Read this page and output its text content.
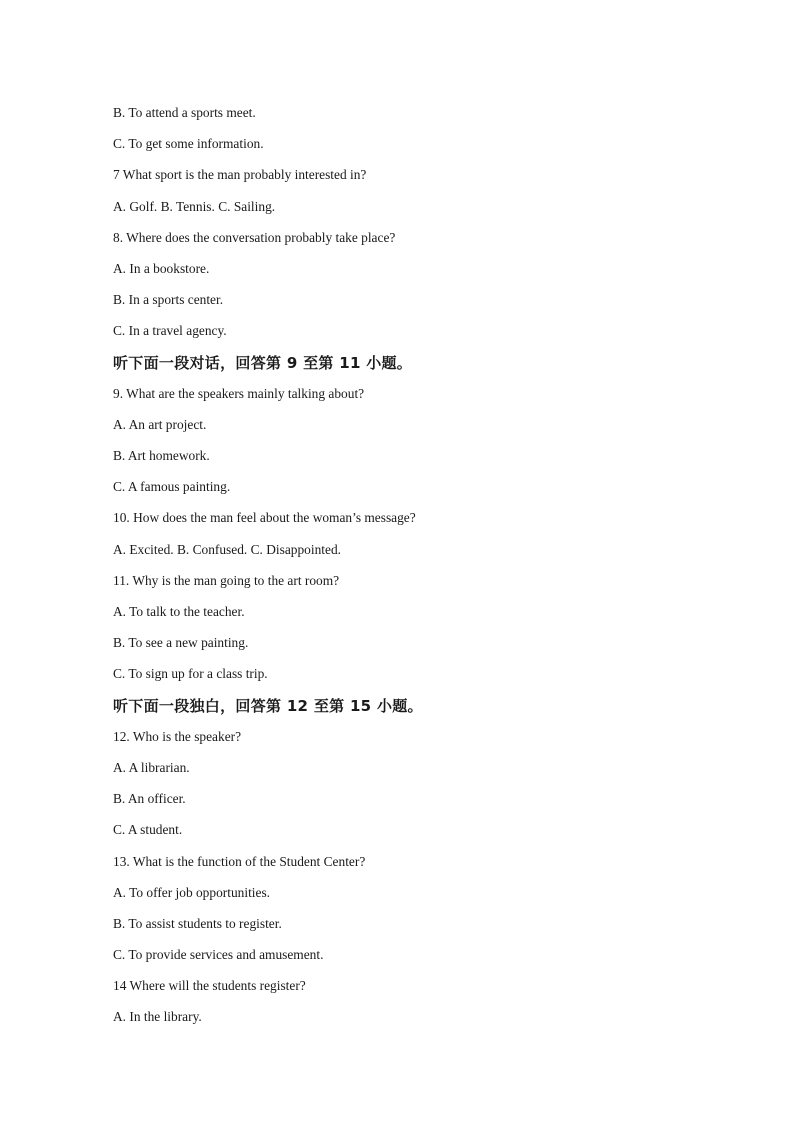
B. To attend a sports meet.
C. To get some information.
7 What sport is the man probably interested in?
A. Golf. B. Tennis. C. Sailing.
8. Where does the conversation probably take place?
A. In a bookstore.
B. In a sports center.
C. In a travel agency.
听下面一段对话，回答第 9 至第 11 小题。
9. What are the speakers mainly talking about?
A. An art project.
B. Art homework.
C. A famous painting.
10. How does the man feel about the woman’s message?
A. Excited. B. Confused. C. Disappointed.
11. Why is the man going to the art room?
A. To talk to the teacher.
B. To see a new painting.
C. To sign up for a class trip.
听下面一段独白，回答第 12 至第 15 小题。
12. Who is the speaker?
A. A librarian.
B. An officer.
C. A student.
13. What is the function of the Student Center?
A. To offer job opportunities.
B. To assist students to register.
C. To provide services and amusement.
14 Where will the students register?
A. In the library.
